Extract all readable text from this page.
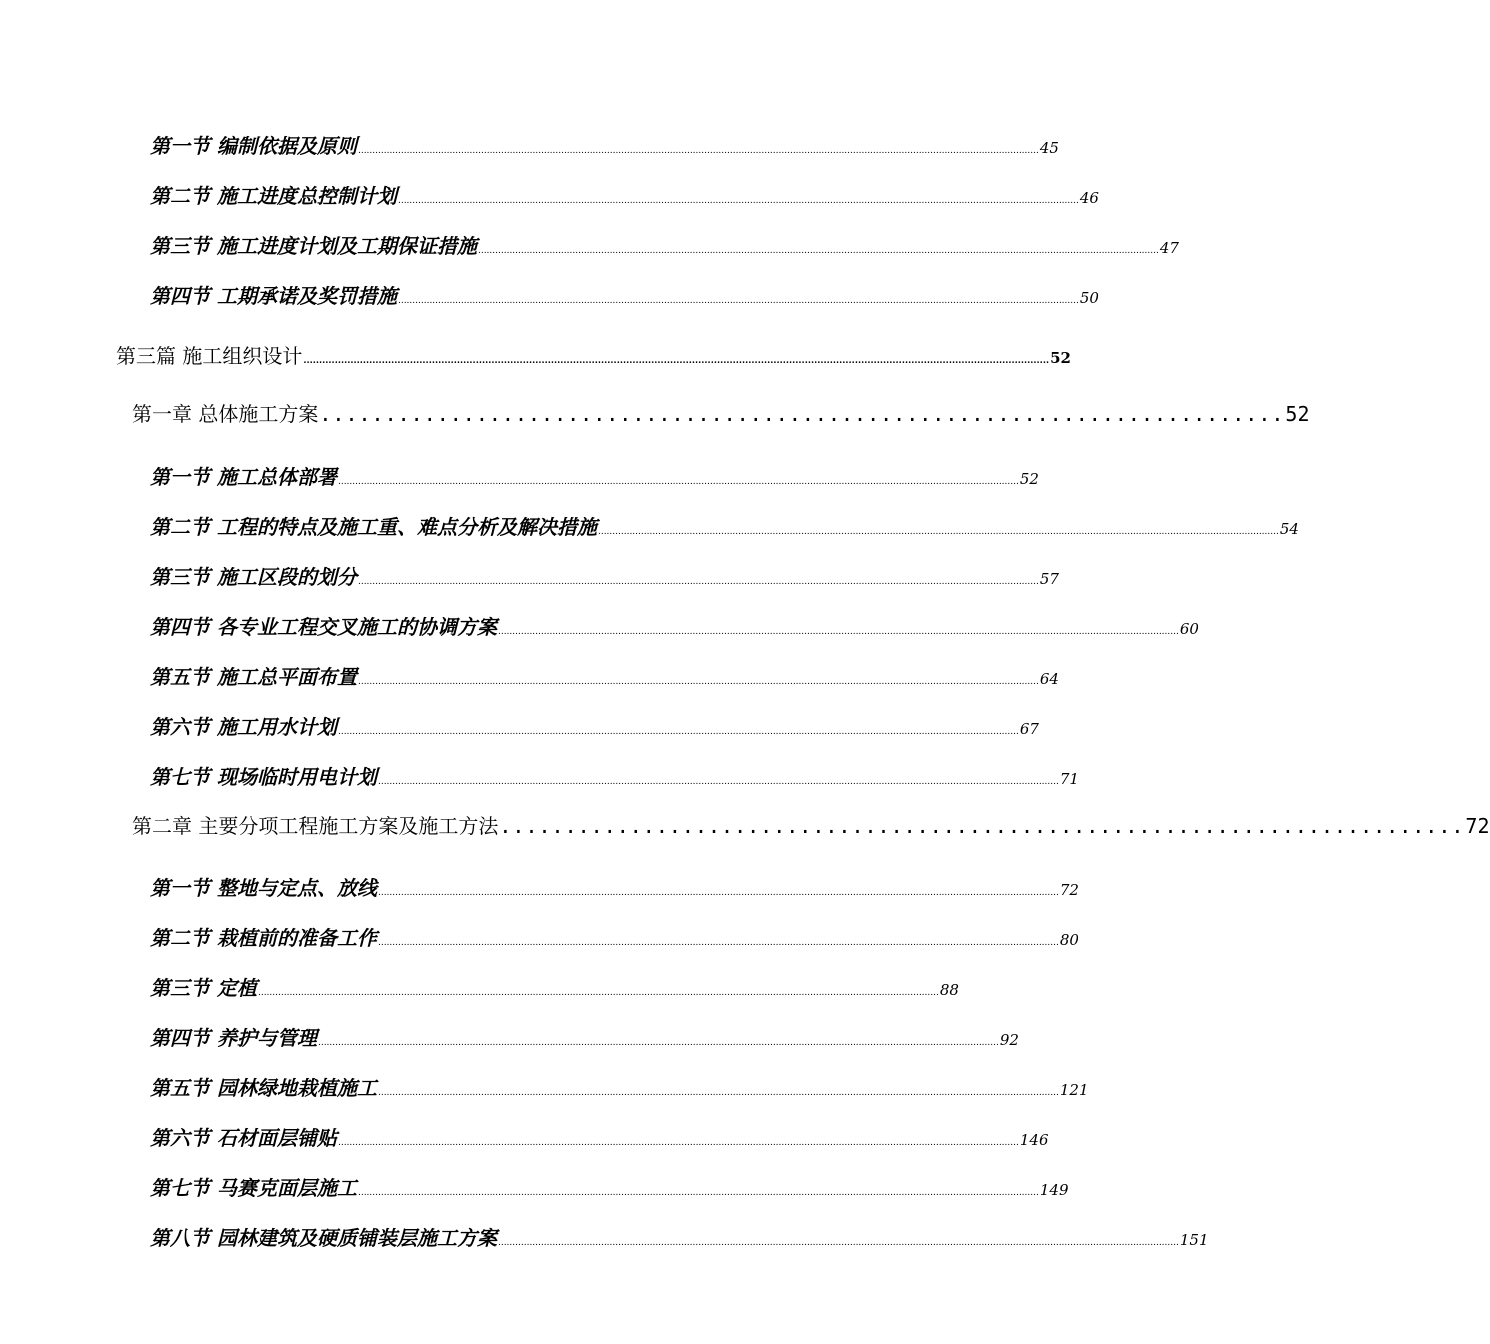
第一节 编制依据及原则 .............................................................................................................................................................................................................................................. 45
第二节 施工进度总控制计划 .............................................................................................................................................................................................................................................. 46
第三节 施工进度计划及工期保证措施 .............................................................................................................................................................................................................................................. 47
第四节 工期承诺及奖罚措施 .............................................................................................................................................................................................................................................. 50
第三篇 施工组织设计 .............................................................................................................................................................................................................................................. 52
第一章 总体施工方案 .......................................................................... 52
第一节 施工总体部署 .............................................................................................................................................................................................................................................. 52
第二节 工程的特点及施工重、难点分析及解决措施 .............................................................................................................................................................................................................................................. 54
第三节 施工区段的划分 .............................................................................................................................................................................................................................................. 57
第四节 各专业工程交叉施工的协调方案 .............................................................................................................................................................................................................................................. 60
第五节 施工总平面布置 .............................................................................................................................................................................................................................................. 64
第六节 施工用水计划 .............................................................................................................................................................................................................................................. 67
第七节 现场临时用电计划 .............................................................................................................................................................................................................................................. 71
第二章 主要分项工程施工方案及施工方法 .......................................................................... 72
第一节 整地与定点、放线 .............................................................................................................................................................................................................................................. 72
第二节 栽植前的准备工作 .............................................................................................................................................................................................................................................. 80
第三节 定植 .............................................................................................................................................................................................................................................. 88
第四节 养护与管理 .............................................................................................................................................................................................................................................. 92
第五节 园林绿地栽植施工 .............................................................................................................................................................................................................................................. 121
第六节 石材面层铺贴 .............................................................................................................................................................................................................................................. 146
第七节 马赛克面层施工 .............................................................................................................................................................................................................................................. 149
第八节 园林建筑及硬质铺装层施工方案 .............................................................................................................................................................................................................................................. 151
